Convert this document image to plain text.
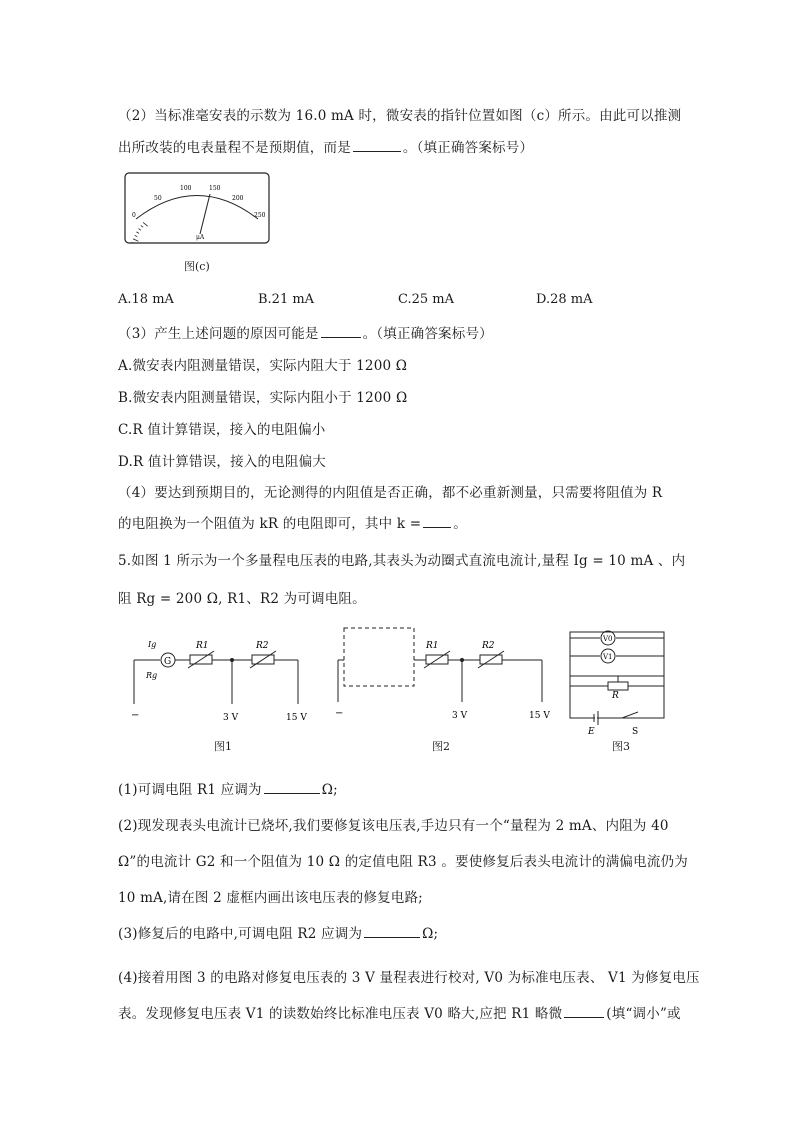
（2）当标准毫安表的示数为 16.0 mA 时，微安表的指针位置如图（c）所示。由此可以推测
出所改装的电表量程不是预期值，而是	。（填正确答案标号）
0
50
100	150
200
250
μA
图(c)
A.18 mA	B.21 mA	C.25 mA	D.28 mA
（3）产生上述问题的原因可能是	。（填正确答案标号）
A.微安表内阻测量错误，实际内阻大于 1200 Ω
B.微安表内阻测量错误，实际内阻小于 1200 Ω
C.R 值计算错误，接入的电阻偏小
D.R 值计算错误，接入的电阻偏大
（4）要达到预期目的，无论测得的内阻值是否正确，都不必重新测量，只需要将阻值为 R
的电阻换为一个阻值为 kR 的电阻即可，其中 k = 。
5.如图 1 所示为一个多量程电压表的电路,其表头为动圈式直流电流计,量程 Ig = 10 mA 、内
阻 Rg = 200 Ω, R1、R2 为可调电阻。
G
Ig
Rg
R1	R2
3 V	15 V
−
图1
R1	R2
3 V	15 V
−
图2
V0
V1
R
E	S
图3
(1)可调电阻 R1 应调为	Ω;
(2)现发现表头电流计已烧坏,我们要修复该电压表,手边只有一个“量程为 2 mA、内阻为 40
Ω”的电流计 G2 和一个阻值为 10 Ω 的定值电阻 R3 。要使修复后表头电流计的满偏电流仍为
10 mA,请在图 2 虚框内画出该电压表的修复电路;
(3)修复后的电路中,可调电阻 R2 应调为	Ω;
(4)接着用图 3 的电路对修复电压表的 3 V 量程表进行校对, V0 为标准电压表、 V1 为修复电压
表。发现修复电压表 V1 的读数始终比标准电压表 V0 略大,应把 R1 略微	(填“调小”或
